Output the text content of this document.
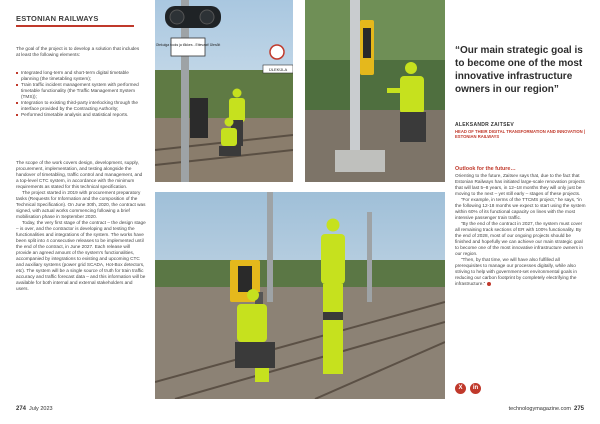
ESTONIAN RAILWAYS

The goal of the project is to develop a solution that includes at least the following elements:

Integrated long-term and short-term digital timetable planning (the timetabling system);
Train traffic incident management system with performed timetable functionality (the Traffic Management System (TMS));
Integration to existing third-party interlocking through the interface provided by the Contracting Authority;
Performed timetable analysis and statistical reports.

The scope of the work covers design, development, supply, procurement, implementation, and testing alongside the handover of timetabling, traffic control and management, and a top-level CTC system, in accordance with the minimum requirements as stated for this technical specification.

The project started in 2019 with procurement preparatory tasks (Requests for Information and the composition of the Technical Specification). On June 30th, 2020, the contract was signed, with actual works commencing following a brief mobilisation phase in September 2020.

Today, the very first stage of the contract – the design stage – is over, and the contractor is developing and testing the functionalities and integrations of the system. The works have been split into 4 consecutive releases to be implemented until the end of the contract, in June 2027. Each release will provide an agreed amount of the system's functionalities, accompanied by integrations to existing and upcoming CTC and auxiliary systems (power grid SCADA, Hot-Box detectors, etc). The system will be a single source of truth for train traffic accuracy and traffic forecast data – and this information will be available for both internal and external stakeholders and users.

Olekulga tooks ja tõkkes - Ettevaat! Ülesõit
ÜLEKÜLA
“Our main strategic goal is to become one of the most innovative infrastructure owners in our region”
ALEKSANDR ZAITSEV
HEAD OF THEIR DIGITAL TRANSFORMATION AND INNOVATION | ESTONIAN RAILWAYS
Outlook for the future…

Orienting to the future, Zaitsev says that, due to the fact that Estonian Railways has initiated large-scale renovation projects that will last 5–8 years, in 12–18 months they will only just be moving to the next – yet still early – stages of these projects.

“For example, in terms of the TTCMS project,” he says, “in the following 12-18 months we expect to start using the system within 60% of its functional capacity on lines with the most intensive passenger train traffic.

“By the end of the contract in 2027, the system must cover all remaining track sections of ER with 100% functionality. By the end of 2028, most of our ongoing projects should be finished and hopefully we can achieve our main strategic goal to become one of the most innovative infrastructure owners in our region.

“Then, by that time, we will have also fulfilled all prerequisites to manage our processes digitally, while also striving to help with government-set environmental goals in reducing our carbon footprint by completely electrifying the infrastructure.”

X	in
274 July 2023	technologymagazine.com 275
